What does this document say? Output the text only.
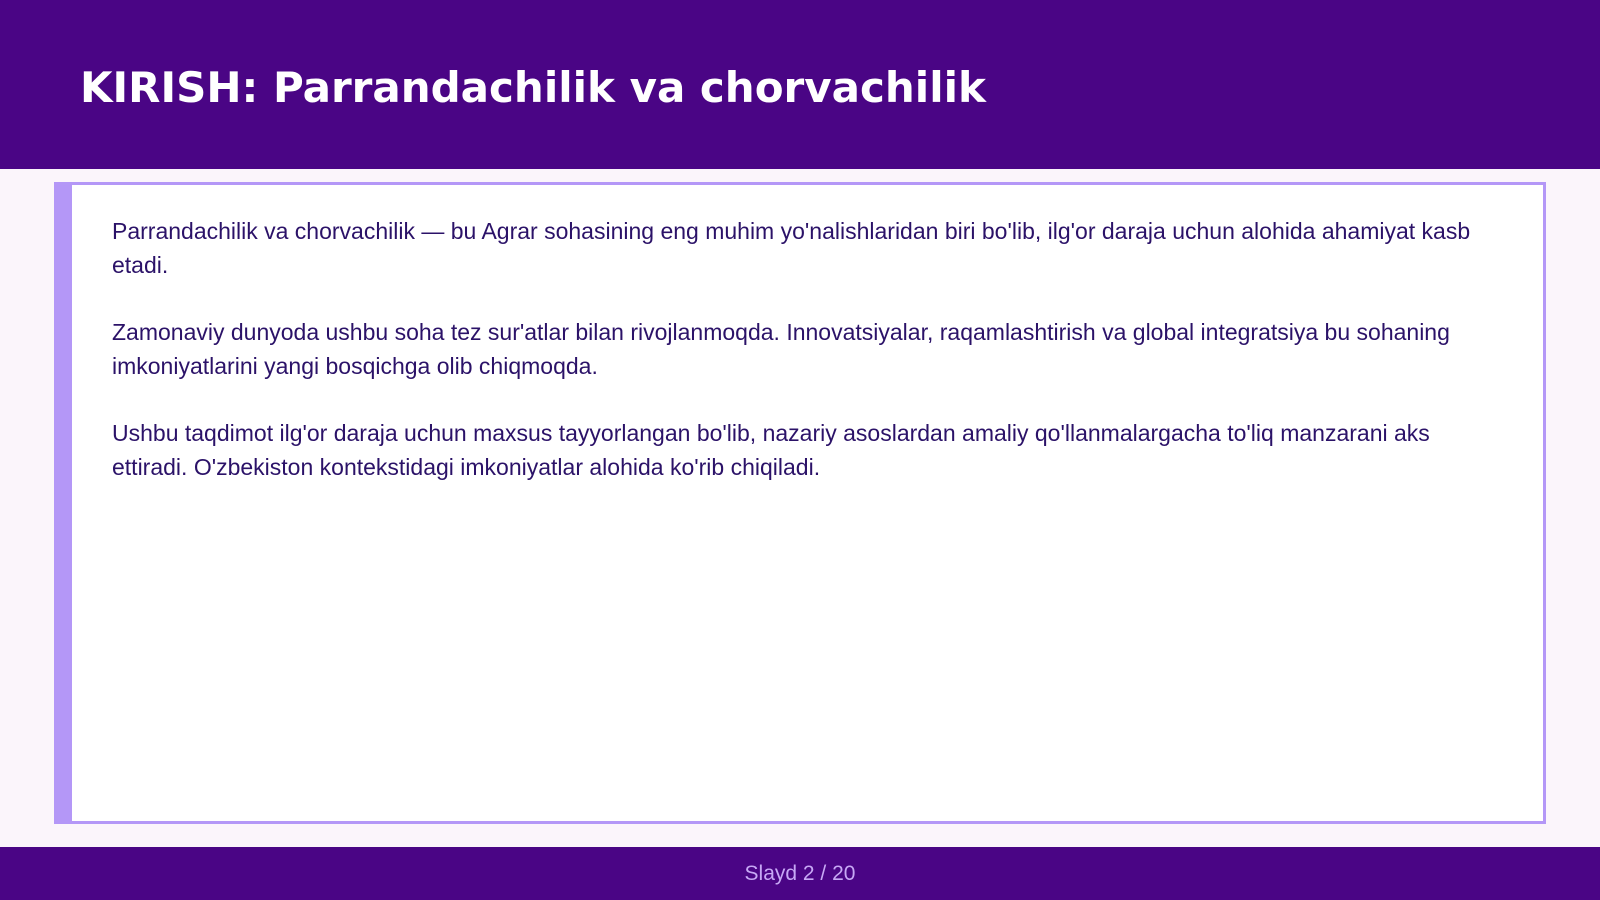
KIRISH: Parrandachilik va chorvachilik

Parrandachilik va chorvachilik — bu Agrar sohasining eng muhim yo'nalishlaridan biri bo'lib, ilg'or daraja uchun alohida ahamiyat kasb etadi.

Zamonaviy dunyoda ushbu soha tez sur'atlar bilan rivojlanmoqda. Innovatsiyalar, raqamlashtirish va global integratsiya bu sohaning imkoniyatlarini yangi bosqichga olib chiqmoqda.

Ushbu taqdimot ilg'or daraja uchun maxsus tayyorlangan bo'lib, nazariy asoslardan amaliy qo'llanmalargacha to'liq manzarani aks ettiradi. O'zbekiston kontekstidagi imkoniyatlar alohida ko'rib chiqiladi.

Slayd 2 / 20
